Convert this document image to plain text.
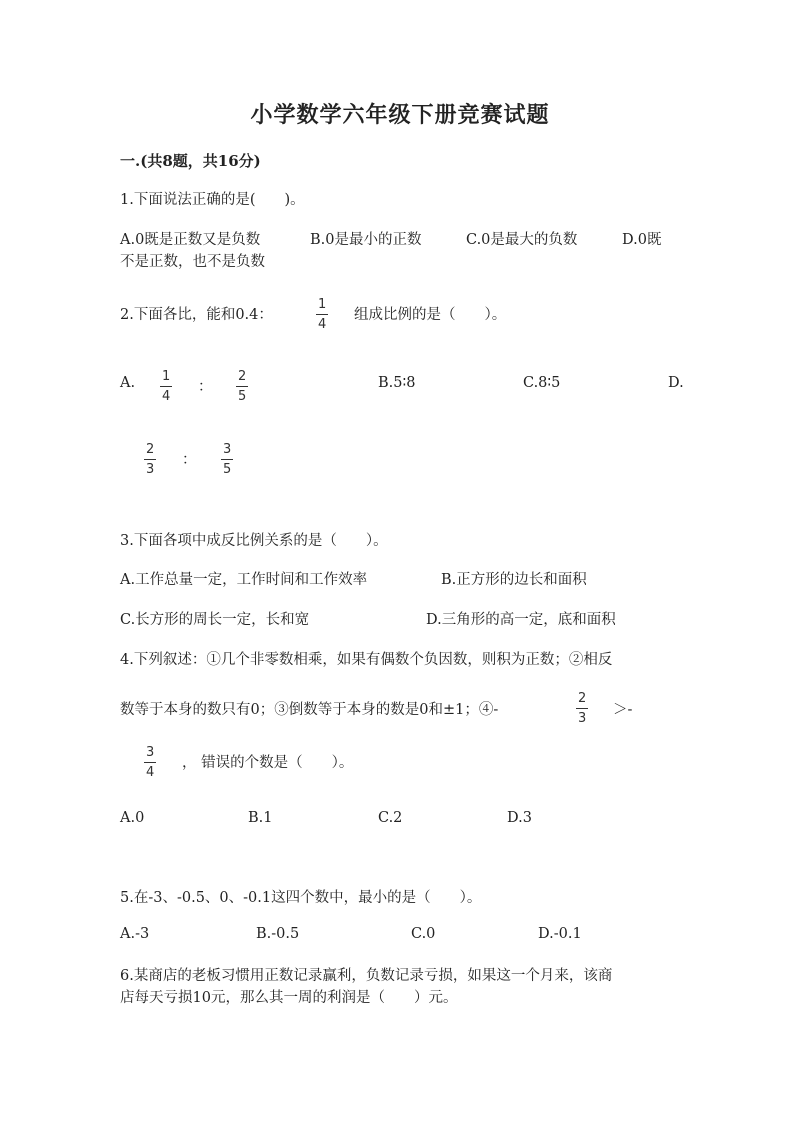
小学数学六年级下册竞赛试题
一.(共8题，共16分)
1.下面说法正确的是(　　)。
A.0既是正数又是负数	B.0是最小的正数	C.0是最大的负数	D.0既
不是正数，也不是负数
2.下面各比，能和0.4：	$\frac{1}{4}$ 组成比例的是（　　）。
A. $\frac{1}{4}$ ： $\frac{2}{5}$	B.5∶8	C.8∶5	D.
$\frac{2}{3}$ ： $\frac{3}{5}$
3.下面各项中成反比例关系的是（　　）。
A.工作总量一定，工作时间和工作效率	B.正方形的边长和面积
C.长方形的周长一定，长和宽	D.三角形的高一定，底和面积
4.下列叙述：①几个非零数相乘，如果有偶数个负因数，则积为正数；②相反
数等于本身的数只有0；③倒数等于本身的数是0和±1；④-	$\frac{2}{3}$ ＞-
$\frac{3}{4}$ ， 错误的个数是（　　）。
A.0	B.1	C.2	D.3
5.在-3、-0.5、0、-0.1这四个数中，最小的是（　　）。
A.-3	B.-0.5	C.0	D.-0.1
6.某商店的老板习惯用正数记录赢利，负数记录亏损，如果这一个月来，该商
店每天亏损10元，那么其一周的利润是（　　）元。
